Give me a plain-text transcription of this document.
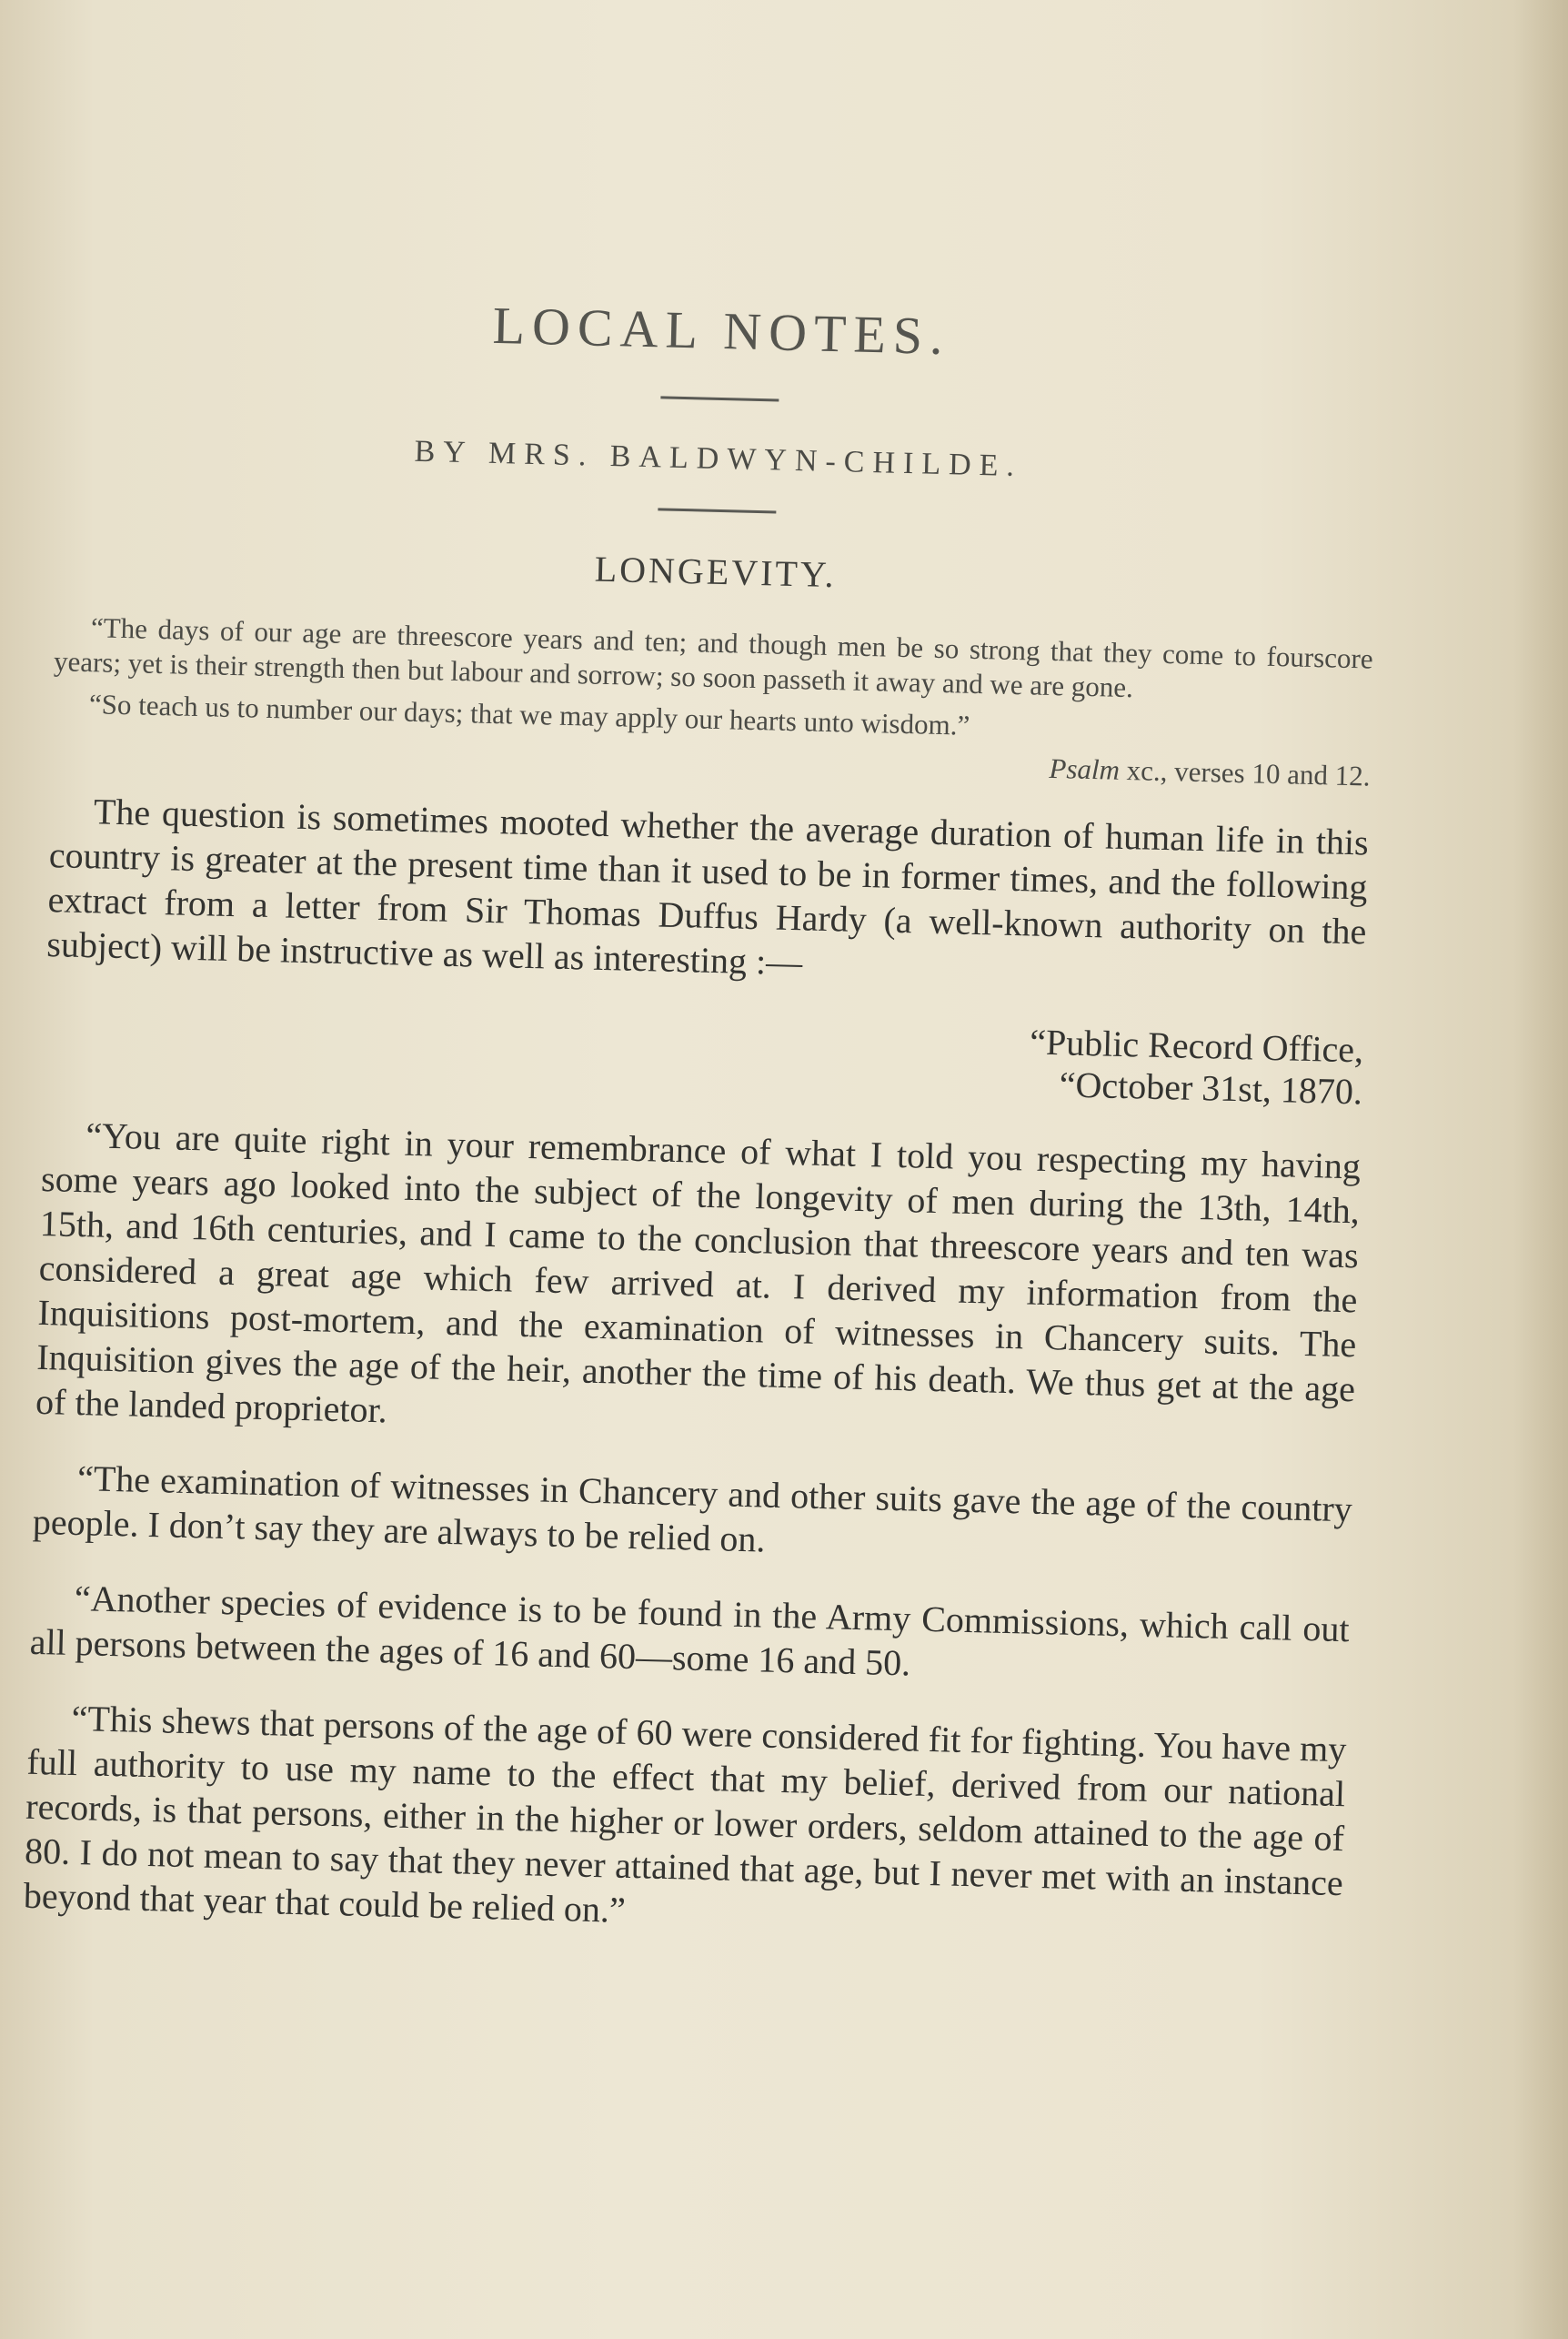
LOCAL NOTES.
BY MRS. BALDWYN-CHILDE.
LONGEVITY.

“The days of our age are threescore years and ten; and though men be so strong that they come to fourscore years; yet is their strength then but labour and sorrow; so soon passeth it away and we are gone.

“So teach us to number our days; that we may apply our hearts unto wisdom.”

Psalm xc., verses 10 and 12.

The question is sometimes mooted whether the average duration of human life in this country is greater at the present time than it used to be in former times, and the following extract from a letter from Sir Thomas Duffus Hardy (a well-known authority on the subject) will be instructive as well as interesting :—

“Public Record Office,
“October 31st, 1870.

“You are quite right in your remembrance of what I told you respecting my having some years ago looked into the subject of the longevity of men during the 13th, 14th, 15th, and 16th centuries, and I came to the conclusion that threescore years and ten was considered a great age which few arrived at. I derived my information from the Inquisitions post-mortem, and the examination of witnesses in Chancery suits. The Inquisition gives the age of the heir, another the time of his death. We thus get at the age of the landed proprietor.

“The examination of witnesses in Chancery and other suits gave the age of the country people. I don’t say they are always to be relied on.

“Another species of evidence is to be found in the Army Commissions, which call out all persons between the ages of 16 and 60—some 16 and 50.

“This shews that persons of the age of 60 were considered fit for fighting. You have my full authority to use my name to the effect that my belief, derived from our national records, is that persons, either in the higher or lower orders, seldom attained to the age of 80. I do not mean to say that they never attained that age, but I never met with an instance beyond that year that could be relied on.”
